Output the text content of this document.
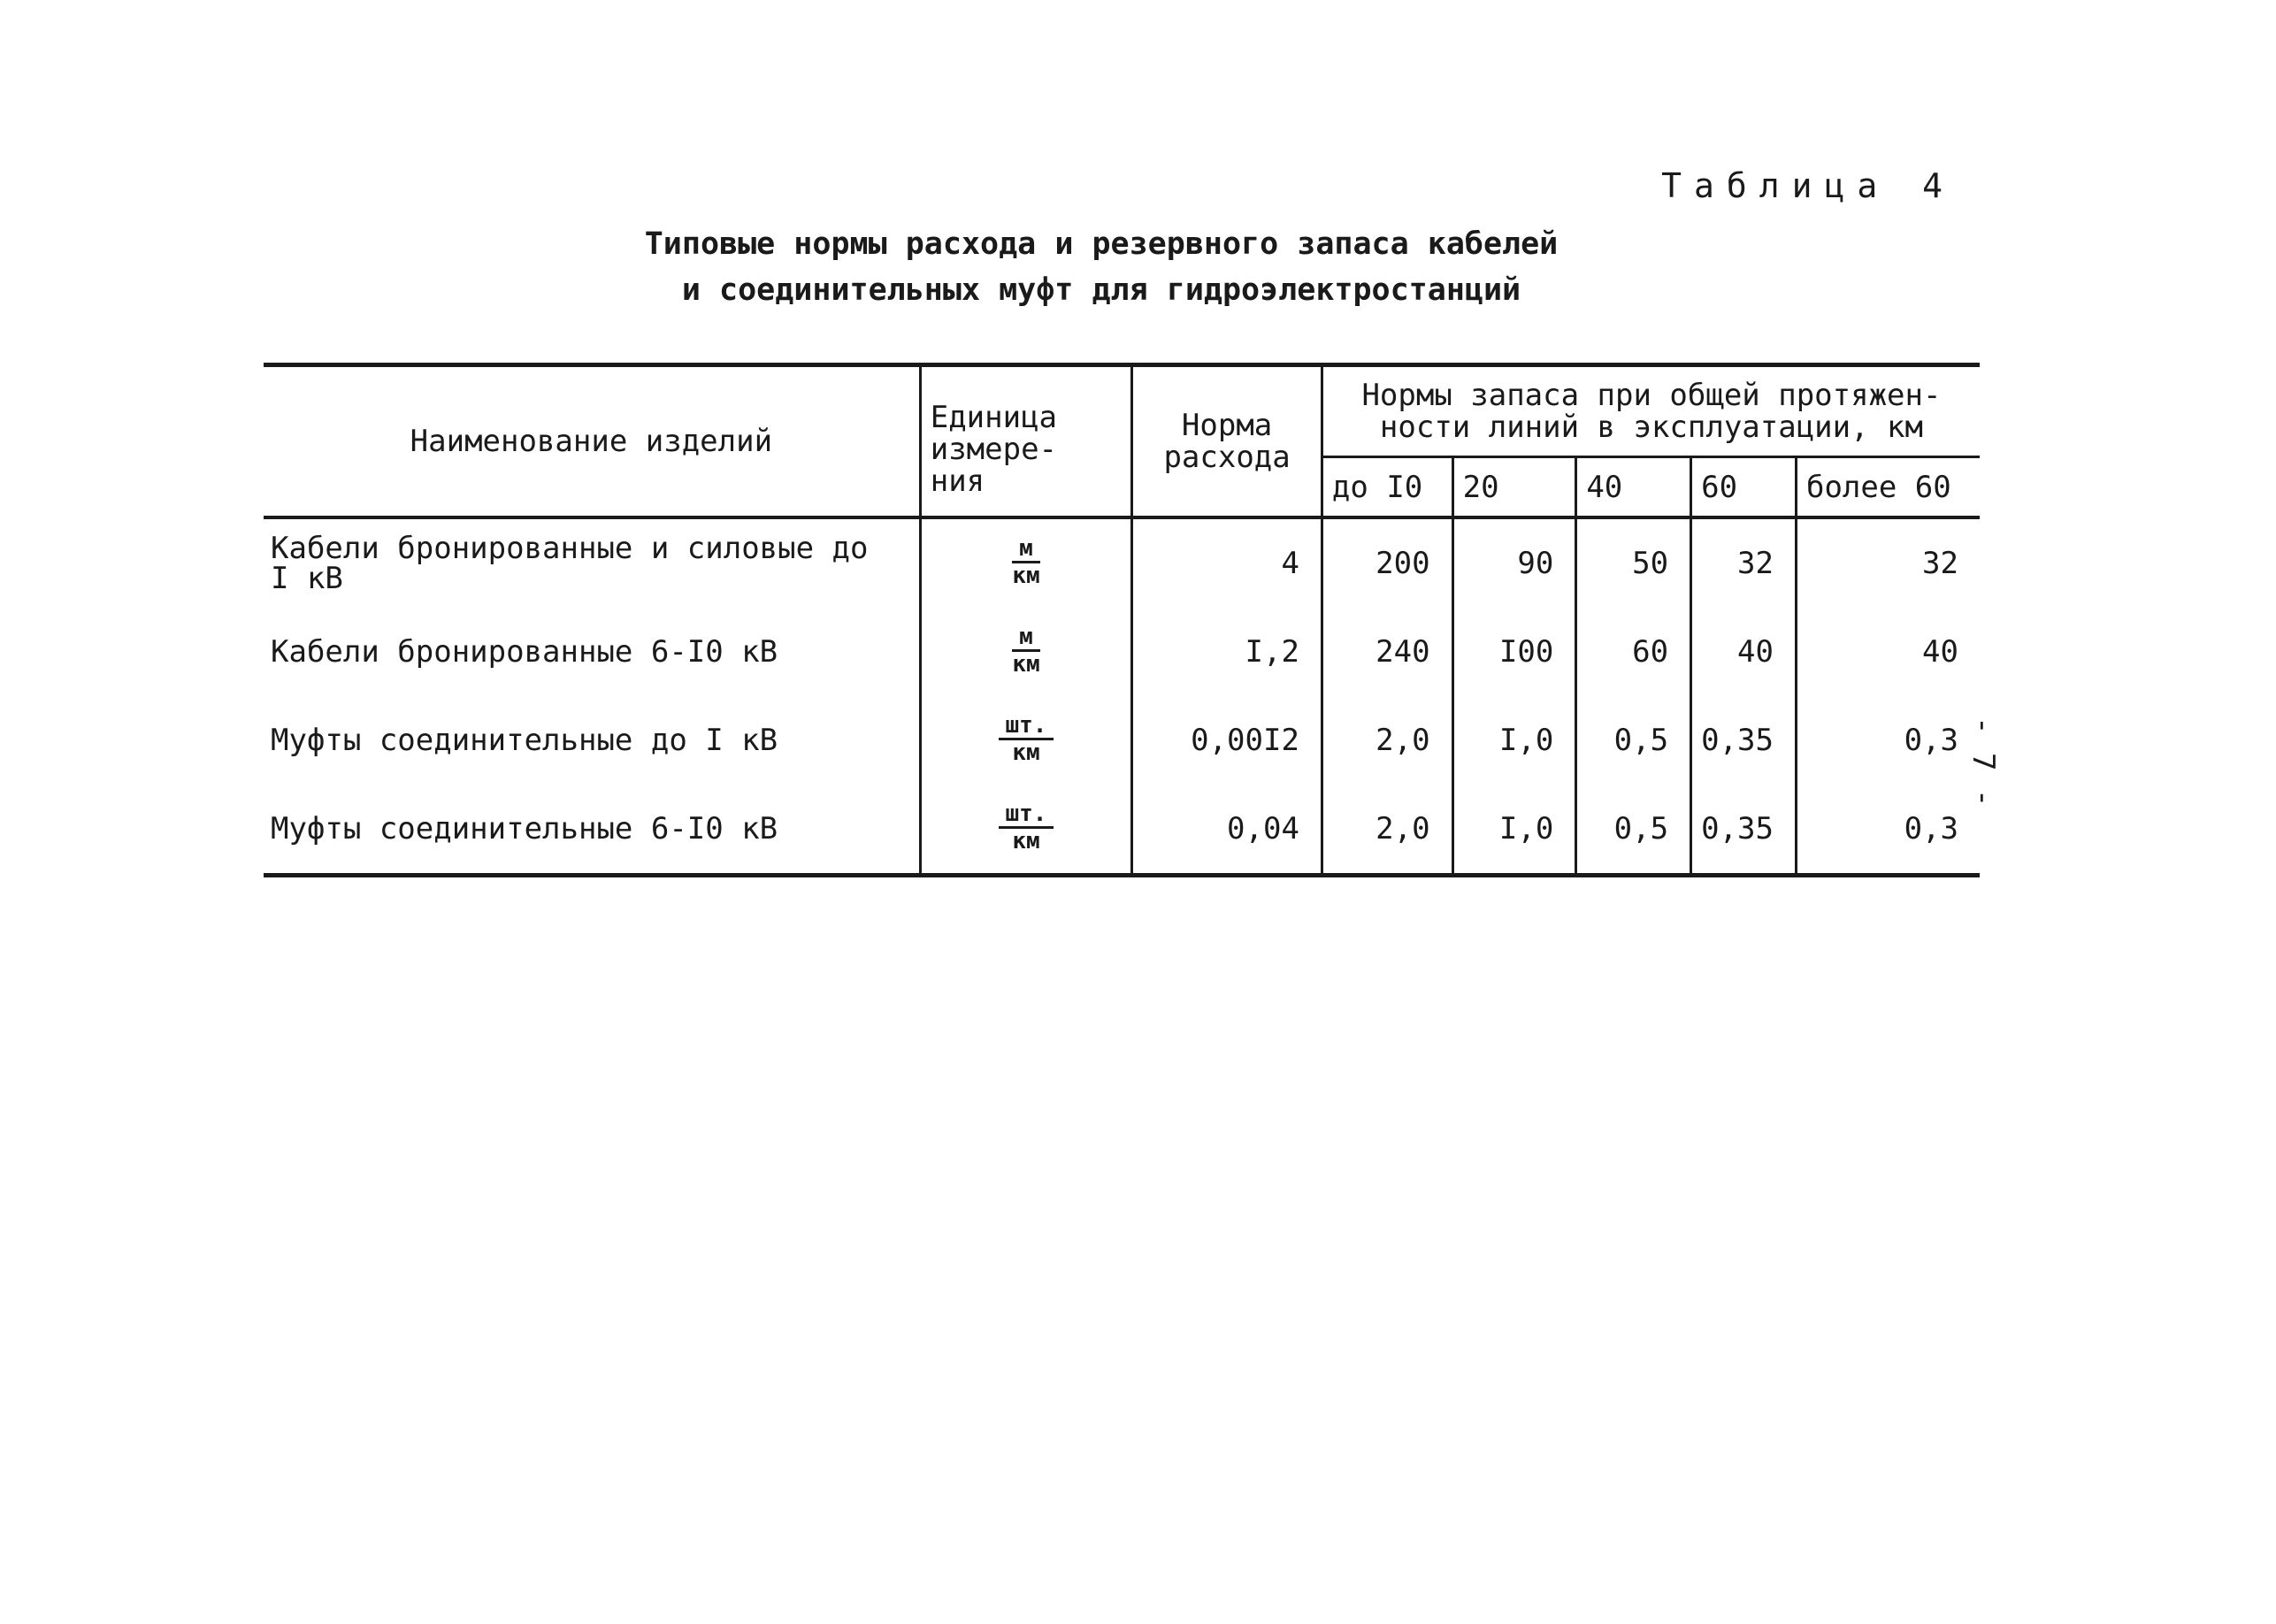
Таблица 4
Типовые нормы расхода и резервного запаса кабелей
и соединительных муфт для гидроэлектростанций
- 7 -
Наименование изделий	Единица измере- ния	Норма расхода	Нормы запаса при общей протяжен- ности линий в эксплуатации, км				
			до I0	20	40	60	более 60
Кабели бронированные и силовые до I кВ	$\frac{м}{км}$	4	200	90	50	32	32
Кабели бронированные 6-I0 кВ	$\frac{м}{км}$	I,2	240	I00	60	40	40
Муфты соединительные до I кВ	$\frac{шт.}{км}$	0,00I2	2,0	I,0	0,5	0,35	0,3
Муфты соединительные 6-I0 кВ	$\frac{шт.}{км}$	0,04	2,0	I,0	0,5	0,35	0,3
